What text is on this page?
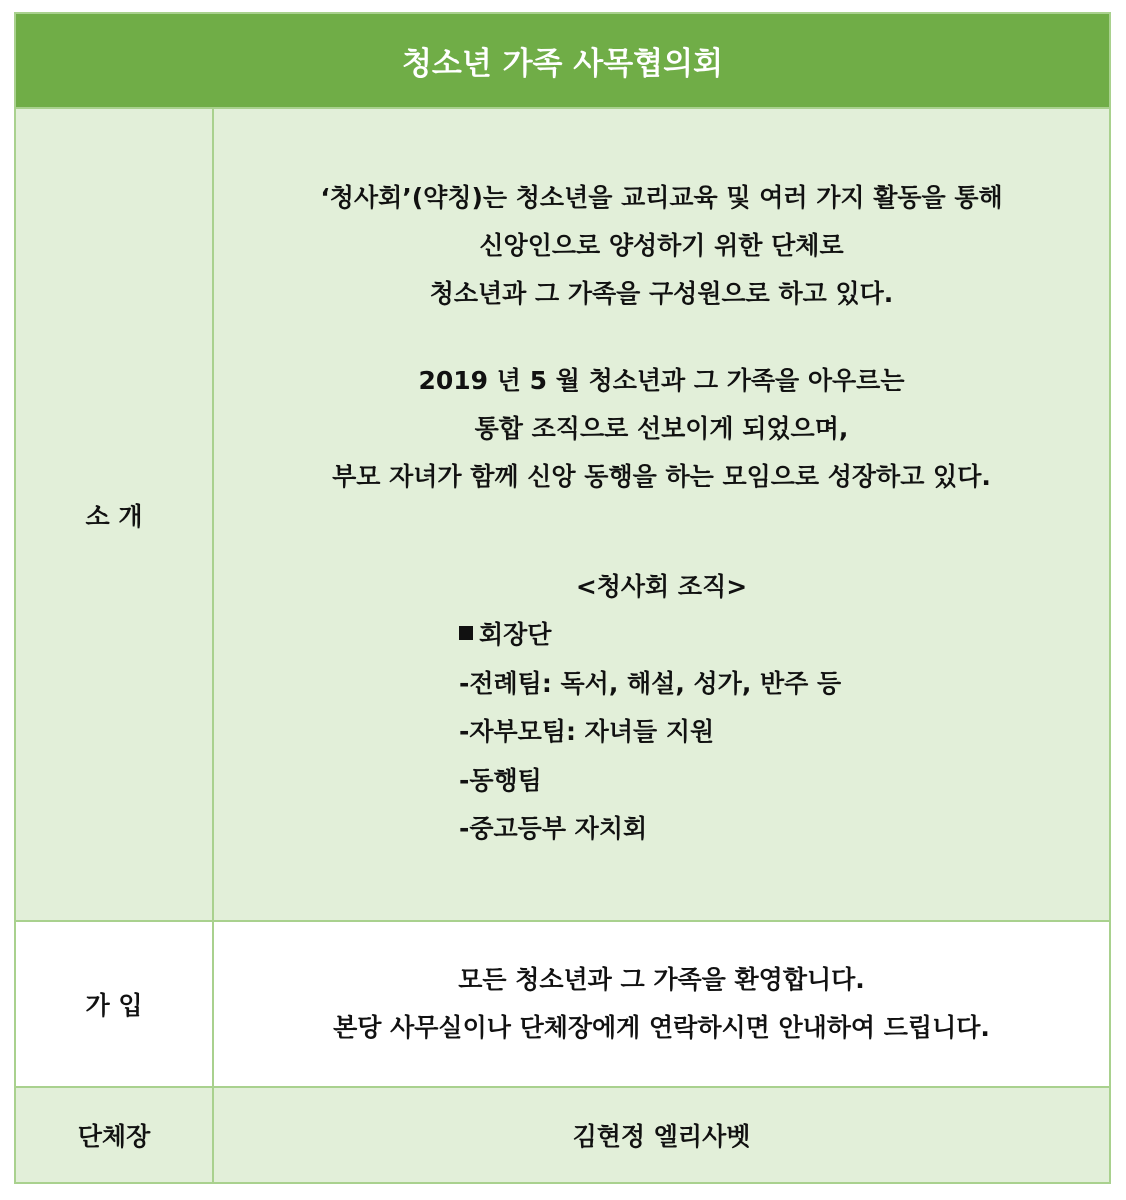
청소년 가족 사목협의회
소 개
‘청사회’(약칭)는 청소년을 교리교육 및 여러 가지 활동을 통해
신앙인으로 양성하기 위한 단체로
청소년과 그 가족을 구성원으로 하고 있다.
2019 년 5 월 청소년과 그 가족을 아우르는
통합 조직으로 선보이게 되었으며,
부모 자녀가 함께 신앙 동행을 하는 모임으로 성장하고 있다.
<청사회 조직>
회장단
-전례팀: 독서, 해설, 성가, 반주 등
-자부모팀: 자녀들 지원
-동행팀
-중고등부 자치회
가 입
모든 청소년과 그 가족을 환영합니다.
본당 사무실이나 단체장에게 연락하시면 안내하여 드립니다.
단체장	김현정 엘리사벳
